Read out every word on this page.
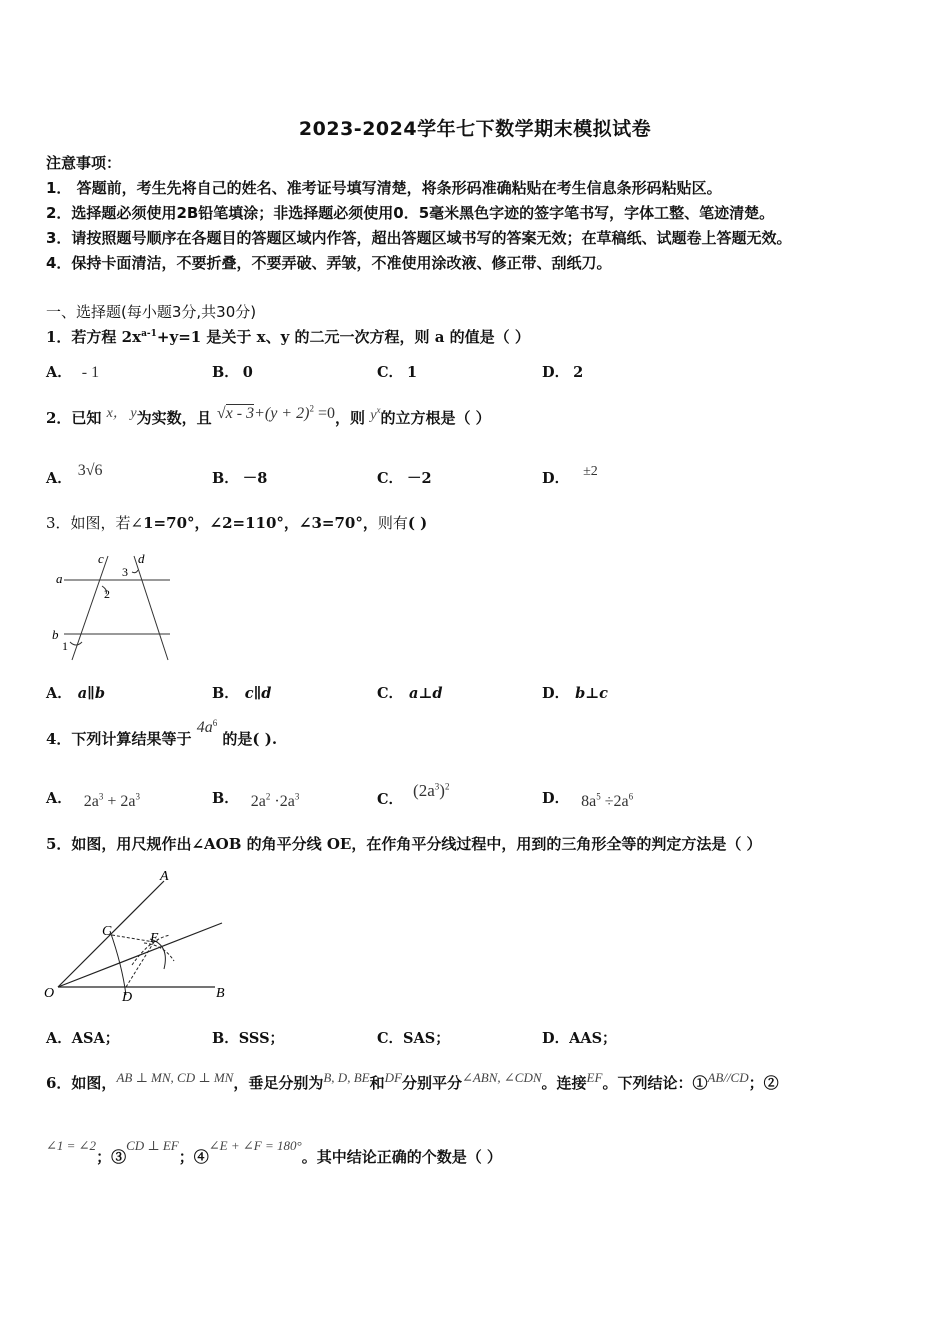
2023-2024学年七下数学期末模拟试卷
注意事项：
1． 答题前，考生先将自己的姓名、准考证号填写清楚，将条形码准确粘贴在考生信息条形码粘贴区。
2．选择题必须使用2B铅笔填涂；非选择题必须使用0．5毫米黑色字迹的签字笔书写，字体工整、笔迹清楚。
3．请按照题号顺序在各题目的答题区域内作答，超出答题区域书写的答案无效；在草稿纸、试题卷上答题无效。
4．保持卡面清洁，不要折叠，不要弄破、弄皱，不准使用涂改液、修正带、刮纸刀。
一、选择题(每小题3分,共30分)
1．若方程 $2x^{a-1}+y=1$ 是关于 x、y 的二元一次方程，则 a 的值是（ ）
A． - 1	B． 0	C． 1	D． 2
2．已知 x， y为实数，且 $√x - 3+(y + 2)^2 =0$，则 $y^x$的立方根是（ ）
A． 3√6	B． －8	C． －2	D． ±2
3．如图，若∠1=70°，∠2=110°，∠3=70°，则有( )
a
b
c	d
1
2
3
A． a∥b	B． c∥d	C． a⊥d	D． b⊥c
4．下列计算结果等于 $4a^6$ 的是( ).
A． $2a^3 + 2a^3$	B． $2a^2 \cdot 2a^3$	C． $(2a^3)^2$
D． $8a^5 \div 2a^6$
5．如图，用尺规作出∠AOB 的角平分线 OE，在作角平分线过程中，用到的三角形全等的判定方法是（ ）
A
B
C
D
E
O
A．ASA；	B．SSS；	C．SAS；	D．AAS；
6．如图，AB ⊥ MN, CD ⊥ MN，垂足分别为B, D, BE和DF分别平分∠ABN, ∠CDN。连接EF。下列结论：①AB//CD；②
∠1 = ∠2；③CD ⊥ EF；④∠E + ∠F = 180°。其中结论正确的个数是（ ）
